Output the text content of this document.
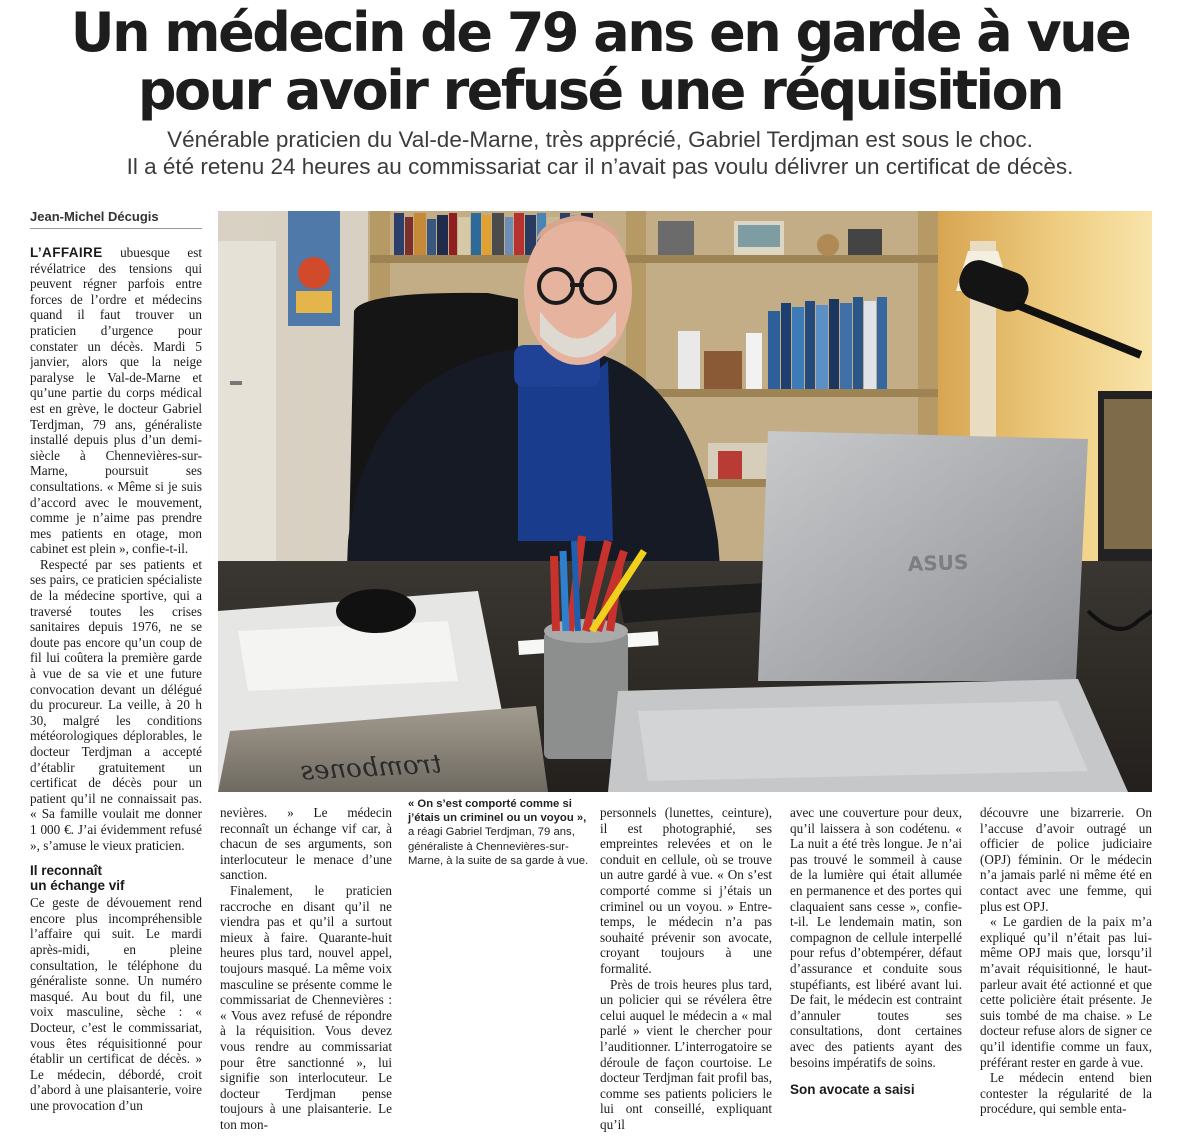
Un médecin de 79 ans en garde à vue
pour avoir refusé une réquisition
Vénérable praticien du Val-de-Marne, très apprécié, Gabriel Terdjman est sous le choc.
Il a été retenu 24 heures au commissariat car il n’avait pas voulu délivrer un certificat de décès.
Jean-Michel Décugis
trombones
ASUS

L’AFFAIRE ubuesque est révélatrice des tensions qui peuvent régner parfois entre forces de l’ordre et médecins quand il faut trouver un praticien d’urgence pour constater un décès. Mardi 5 janvier, alors que la neige paralyse le Val-de-Marne et qu’une partie du corps médical est en grève, le docteur Gabriel Terdjman, 79 ans, généraliste installé depuis plus d’un demi-siècle à Chennevières-sur-Marne, poursuit ses consultations. « Même si je suis d’accord avec le mouvement, comme je n’aime pas prendre mes patients en otage, mon cabinet est plein », confie-t-il.

Respecté par ses patients et ses pairs, ce praticien spécialiste de la médecine sportive, qui a traversé toutes les crises sanitaires depuis 1976, ne se doute pas encore qu’un coup de fil lui coûtera la première garde à vue de sa vie et une future convocation devant un délégué du procureur. La veille, à 20 h 30, malgré les conditions météorologiques déplorables, le docteur Terdjman a accepté d’établir gratuitement un certificat de décès pour un patient qu’il ne connaissait pas. « Sa famille voulait me donner 1 000 €. J’ai évidemment refusé », s’amuse le vieux praticien.

Il reconnaît
un échange vif

Ce geste de dévouement rend encore plus incompréhensible l’affaire qui suit. Le mardi après-midi, en pleine consultation, le téléphone du généraliste sonne. Un numéro masqué. Au bout du fil, une voix masculine, sèche : « Docteur, c’est le commissariat, vous êtes réquisitionné pour établir un certificat de décès. » Le médecin, débordé, croit d’abord à une plaisanterie, voire une provocation d’un

nevières. » Le médecin reconnaît un échange vif car, à chacun de ses arguments, son interlocuteur le menace d’une sanction.

Finalement, le praticien raccroche en disant qu’il ne viendra pas et qu’il a surtout mieux à faire. Quarante-huit heures plus tard, nouvel appel, toujours masqué. La même voix masculine se présente comme le commissariat de Chennevières : « Vous avez refusé de répondre à la réquisition. Vous devez vous rendre au commissariat pour être sanctionné », lui signifie son interlocuteur. Le docteur Terdjman pense toujours à une plaisanterie. Le ton mon-

« On s’est comporté comme si j’étais un criminel ou un voyou », a réagi Gabriel Terdjman, 79 ans, généraliste à Chennevières-sur-Marne, à la suite de sa garde à vue.

personnels (lunettes, ceinture), il est photographié, ses empreintes relevées et on le conduit en cellule, où se trouve un autre gardé à vue. « On s’est comporté comme si j’étais un criminel ou un voyou. » Entre-temps, le médecin n’a pas souhaité prévenir son avocate, croyant toujours à une formalité.

Près de trois heures plus tard, un policier qui se révélera être celui auquel le médecin a « mal parlé » vient le chercher pour l’auditionner. L’interrogatoire se déroule de façon courtoise. Le docteur Terdjman fait profil bas, comme ses patients policiers le lui ont conseillé, expliquant qu’il

avec une couverture pour deux, qu’il laissera à son codétenu. « La nuit a été très longue. Je n’ai pas trouvé le sommeil à cause de la lumière qui était allumée en permanence et des portes qui claquaient sans cesse », confie-t-il. Le lendemain matin, son compagnon de cellule interpellé pour refus d’obtempérer, défaut d’assurance et conduite sous stupéfiants, est libéré avant lui. De fait, le médecin est contraint d’annuler toutes ses consultations, dont certaines avec des patients ayant des besoins impératifs de soins.

Son avocate a saisi

découvre une bizarrerie. On l’accuse d’avoir outragé un officier de police judiciaire (OPJ) féminin. Or le médecin n’a jamais parlé ni même été en contact avec une femme, qui plus est OPJ.

« Le gardien de la paix m’a expliqué qu’il n’était pas lui-même OPJ mais que, lorsqu’il m’avait réquisitionné, le haut-parleur avait été actionné et que cette policière était présente. Je suis tombé de ma chaise. » Le docteur refuse alors de signer ce qu’il identifie comme un faux, préférant rester en garde à vue.

Le médecin entend bien contester la régularité de la procédure, qui semble enta-
